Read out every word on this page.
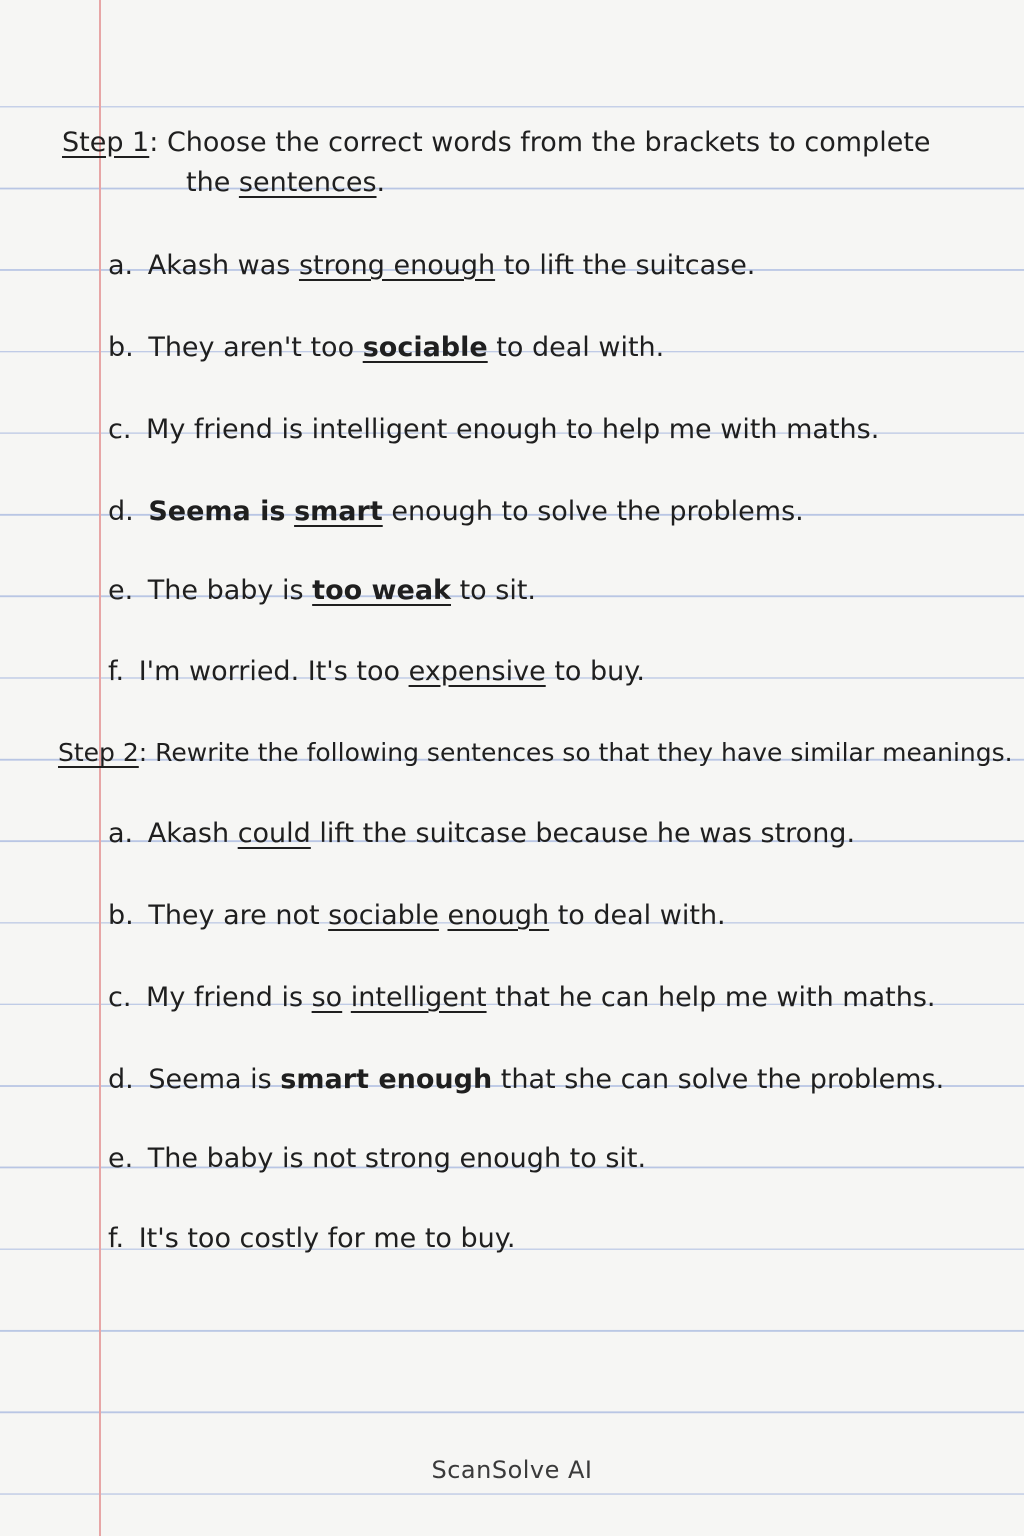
Step 1: Choose the correct words from the brackets to complete
the sentences.
a. Akash was strong enough to lift the suitcase.
b. They aren't too sociable to deal with.
c. My friend is intelligent enough to help me with maths.
d. Seema is smart enough to solve the problems.
e. The baby is too weak to sit.
f. I'm worried. It's too expensive to buy.
Step 2: Rewrite the following sentences so that they have similar meanings.
a. Akash could lift the suitcase because he was strong.
b. They are not sociable enough to deal with.
c. My friend is so intelligent that he can help me with maths.
d. Seema is smart enough that she can solve the problems.
e. The baby is not strong enough to sit.
f. It's too costly for me to buy.
ScanSolve AI
